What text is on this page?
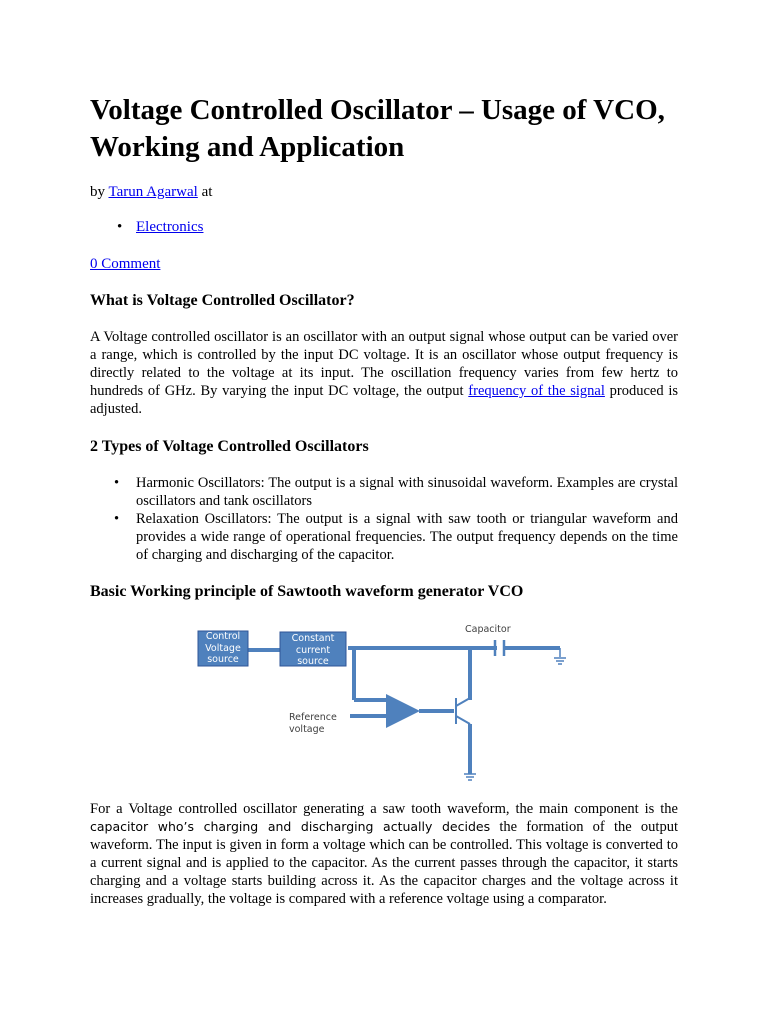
Voltage Controlled Oscillator – Usage of VCO, Working and Application

by Tarun Agarwal at

• Electronics

0 Comment

What is Voltage Controlled Oscillator?

A Voltage controlled oscillator is an oscillator with an output signal whose output can be varied over a range, which is controlled by the input DC voltage. It is an oscillator whose output frequency is directly related to the voltage at its input. The oscillation frequency varies from few hertz to hundreds of GHz. By varying the input DC voltage, the output frequency of the signal produced is adjusted.

2 Types of Voltage Controlled Oscillators
• Harmonic Oscillators: The output is a signal with sinusoidal waveform. Examples are crystal oscillators and tank oscillators
• Relaxation Oscillators: The output is a signal with saw tooth or triangular waveform and provides a wide range of operational frequencies. The output frequency depends on the time of charging and discharging of the capacitor.
Basic Working principle of Sawtooth waveform generator VCO
Control
Voltage
source
Constant
current
source
Capacitor
Reference
voltage

For a Voltage controlled oscillator generating a saw tooth waveform, the main component is the capacitor who’s charging and discharging actually decides the formation of the output waveform. The input is given in form a voltage which can be controlled. This voltage is converted to a current signal and is applied to the capacitor. As the current passes through the capacitor, it starts charging and a voltage starts building across it. As the capacitor charges and the voltage across it increases gradually, the voltage is compared with a reference voltage using a comparator.
